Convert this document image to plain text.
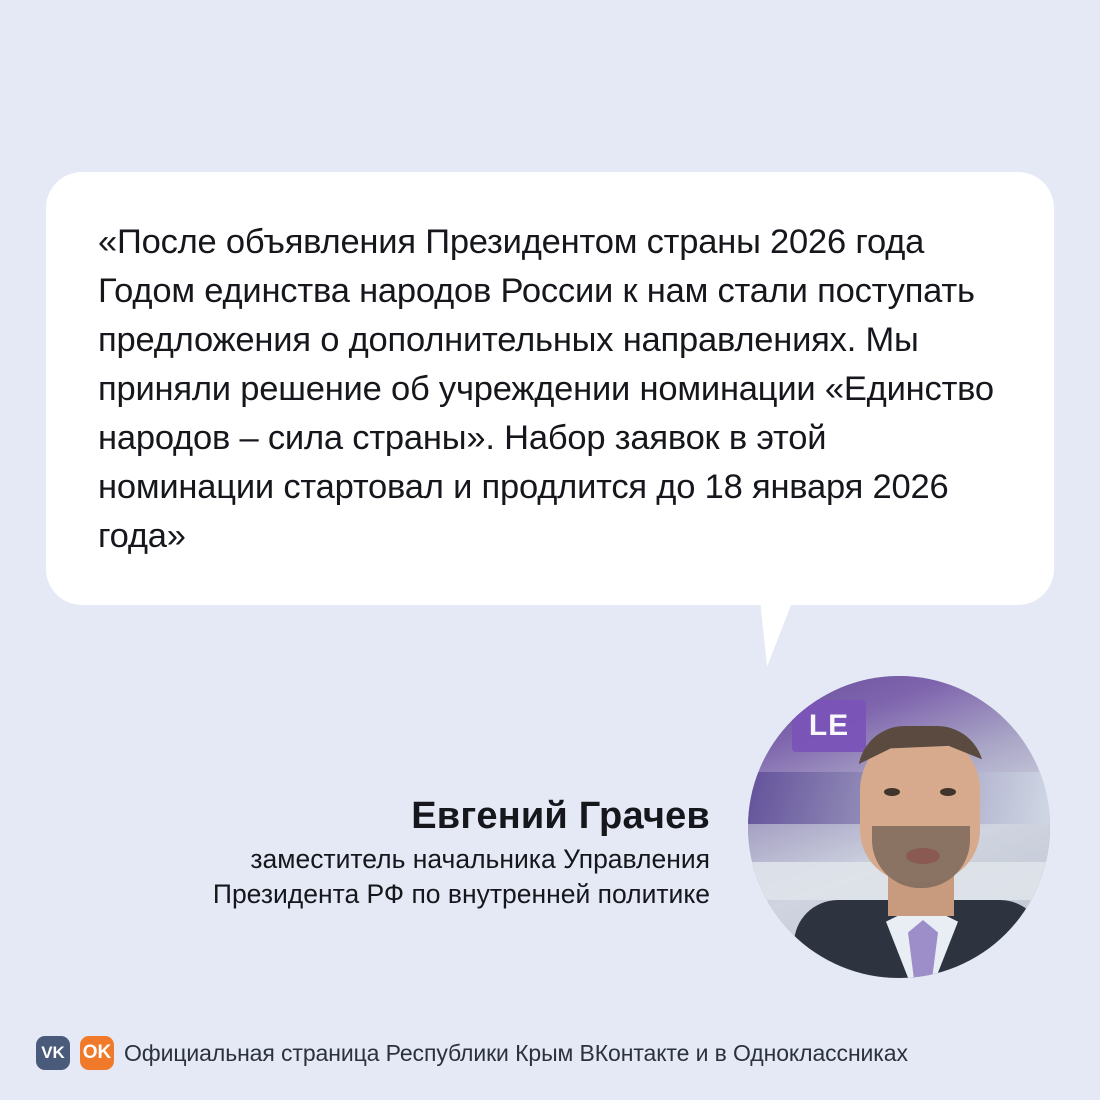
«После объявления Президентом страны 2026 года Годом единства народов России к нам стали поступать предложения о дополнительных направлениях. Мы приняли решение об учреждении номинации «Единство народов – сила страны». Набор заявок в этой номинации стартовал и продлится до 18 января 2026 года»

Евгений Грачев

заместитель начальника Управления

Президента РФ по внутренней политике

LE
VK OK Официальная страница Республики Крым ВКонтакте и в Одноклассниках
